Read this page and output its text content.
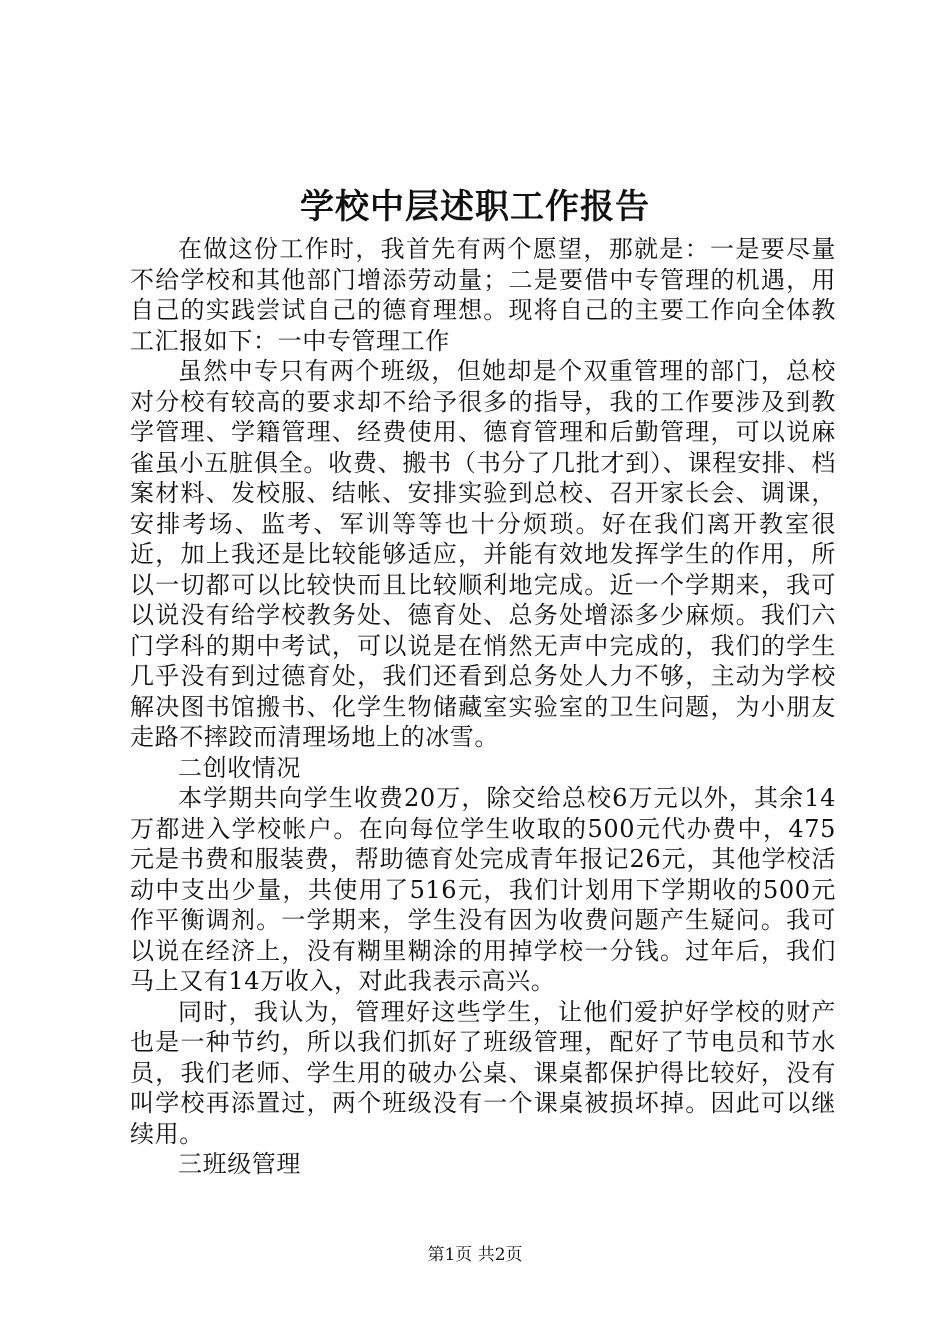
学校中层述职工作报告

在做这份工作时，我首先有两个愿望，那就是：一是要尽量不给学校和其他部门增添劳动量；二是要借中专管理的机遇，用自己的实践尝试自己的德育理想。现将自己的主要工作向全体教工汇报如下：一中专管理工作

虽然中专只有两个班级，但她却是个双重管理的部门，总校对分校有较高的要求却不给予很多的指导，我的工作要涉及到教学管理、学籍管理、经费使用、德育管理和后勤管理，可以说麻雀虽小五脏俱全。收费、搬书（书分了几批才到）、课程安排、档案材料、发校服、结帐、安排实验到总校、召开家长会、调课，安排考场、监考、军训等等也十分烦琐。好在我们离开教室很近，加上我还是比较能够适应，并能有效地发挥学生的作用，所以一切都可以比较快而且比较顺利地完成。近一个学期来，我可以说没有给学校教务处、德育处、总务处增添多少麻烦。我们六门学科的期中考试，可以说是在悄然无声中完成的，我们的学生几乎没有到过德育处，我们还看到总务处人力不够，主动为学校解决图书馆搬书、化学生物储藏室实验室的卫生问题，为小朋友走路不摔跤而清理场地上的冰雪。

二创收情况

本学期共向学生收费20万，除交给总校6万元以外，其余14万都进入学校帐户。在向每位学生收取的500元代办费中，475元是书费和服装费，帮助德育处完成青年报记26元，其他学校活动中支出少量，共使用了516元，我们计划用下学期收的500元作平衡调剂。一学期来，学生没有因为收费问题产生疑问。我可以说在经济上，没有糊里糊涂的用掉学校一分钱。过年后，我们马上又有14万收入，对此我表示高兴。

同时，我认为，管理好这些学生，让他们爱护好学校的财产也是一种节约，所以我们抓好了班级管理，配好了节电员和节水员，我们老师、学生用的破办公桌、课桌都保护得比较好，没有叫学校再添置过，两个班级没有一个课桌被损坏掉。因此可以继续用。

三班级管理

第1页 共2页
